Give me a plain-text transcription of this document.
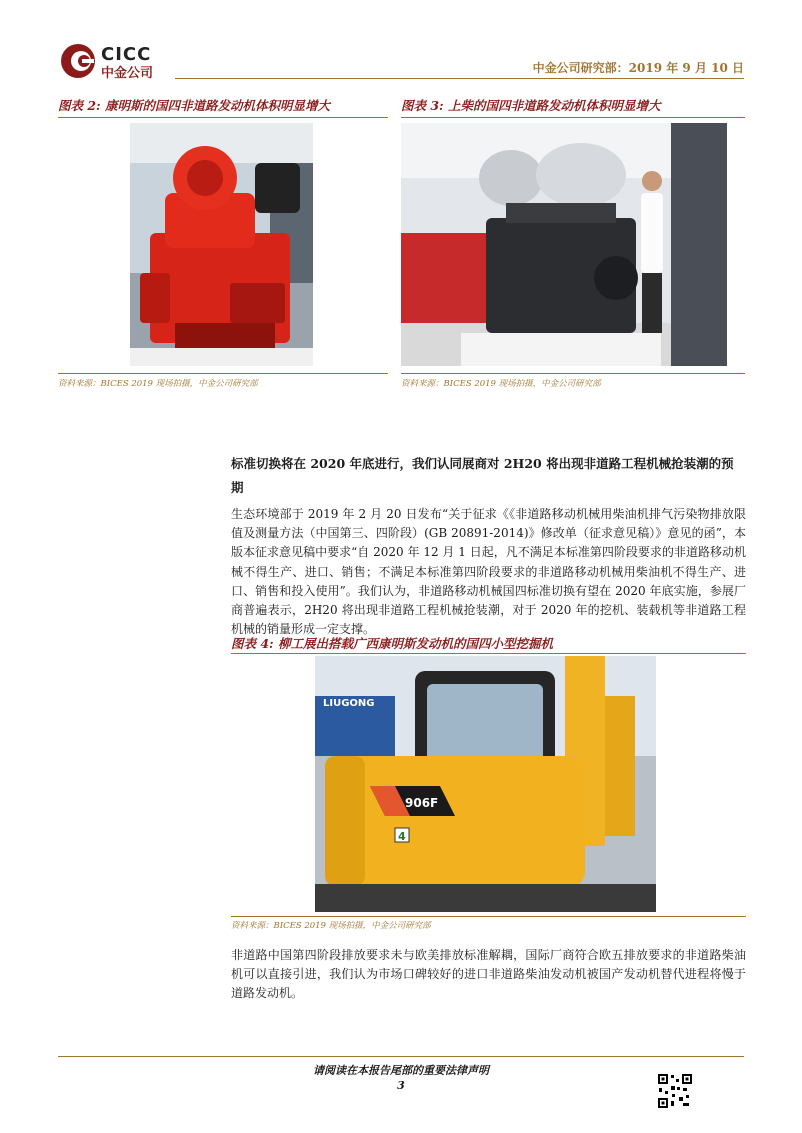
CICC
中金公司	中金公司研究部：2019 年 9 月 10 日
图表 2: 康明斯的国四非道路发动机体积明显增大
资料来源：BICES 2019 现场拍摄，中金公司研究部
图表 3: 上柴的国四非道路发动机体积明显增大
资料来源：BICES 2019 现场拍摄，中金公司研究部
标准切换将在 2020 年底进行，我们认同展商对 2H20 将出现非道路工程机械抢装潮的预期
生态环境部于 2019 年 2 月 20 日发布“关于征求《《非道路移动机械用柴油机排气污染物排放限值及测量方法（中国第三、四阶段）(GB 20891-2014)》修改单（征求意见稿）》意见的函”，本版本征求意见稿中要求“自 2020 年 12 月 1 日起，凡不满足本标准第四阶段要求的非道路移动机械不得生产、进口、销售；不满足本标准第四阶段要求的非道路移动机械用柴油机不得生产、进口、销售和投入使用”。我们认为，非道路移动机械国四标准切换有望在 2020 年底实施，参展厂商普遍表示，2H20 将出现非道路工程机械抢装潮，对于 2020 年的挖机、装载机等非道路工程机械的销量形成一定支撑。
图表 4: 柳工展出搭载广西康明斯发动机的国四小型挖掘机
LIUGONG
906F
4
资料来源：BICES 2019 现场拍摄，中金公司研究部
非道路中国第四阶段排放要求未与欧美排放标准解耦，国际厂商符合欧五排放要求的非道路柴油机可以直接引进，我们认为市场口碑较好的进口非道路柴油发动机被国产发动机替代进程将慢于道路发动机。
请阅读在本报告尾部的重要法律声明
3
